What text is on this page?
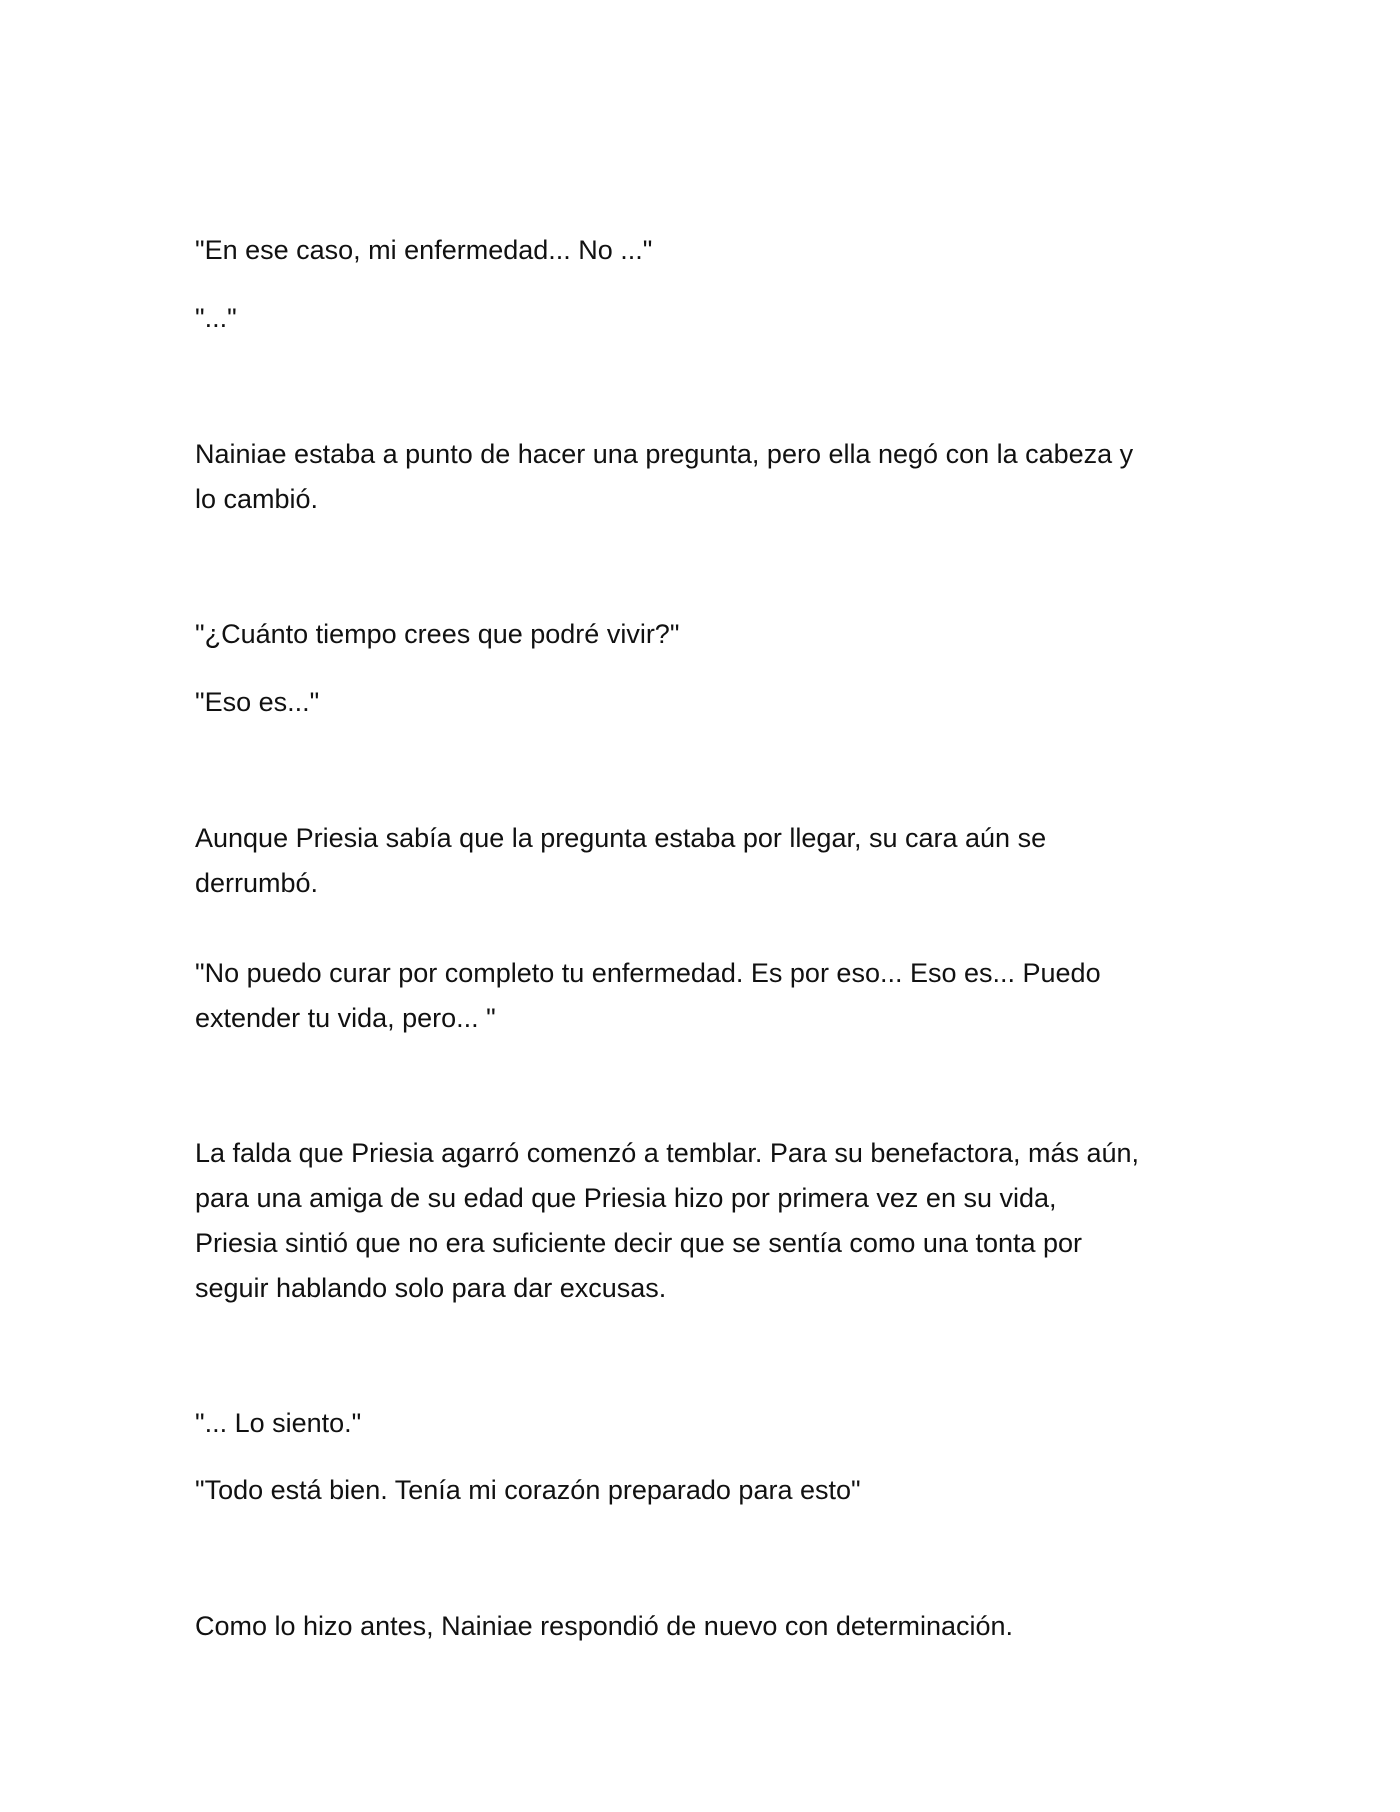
"En ese caso, mi enfermedad... No ..."

"..."

Nainiae estaba a punto de hacer una pregunta, pero ella negó con la cabeza y
lo cambió.

"¿Cuánto tiempo crees que podré vivir?"

"Eso es..."

Aunque Priesia sabía que la pregunta estaba por llegar, su cara aún se
derrumbó.

"No puedo curar por completo tu enfermedad. Es por eso... Eso es... Puedo
extender tu vida, pero... "

La falda que Priesia agarró comenzó a temblar. Para su benefactora, más aún,
para una amiga de su edad que Priesia hizo por primera vez en su vida,
Priesia sintió que no era suficiente decir que se sentía como una tonta por
seguir hablando solo para dar excusas.

"... Lo siento."

"Todo está bien. Tenía mi corazón preparado para esto"

Como lo hizo antes, Nainiae respondió de nuevo con determinación.
